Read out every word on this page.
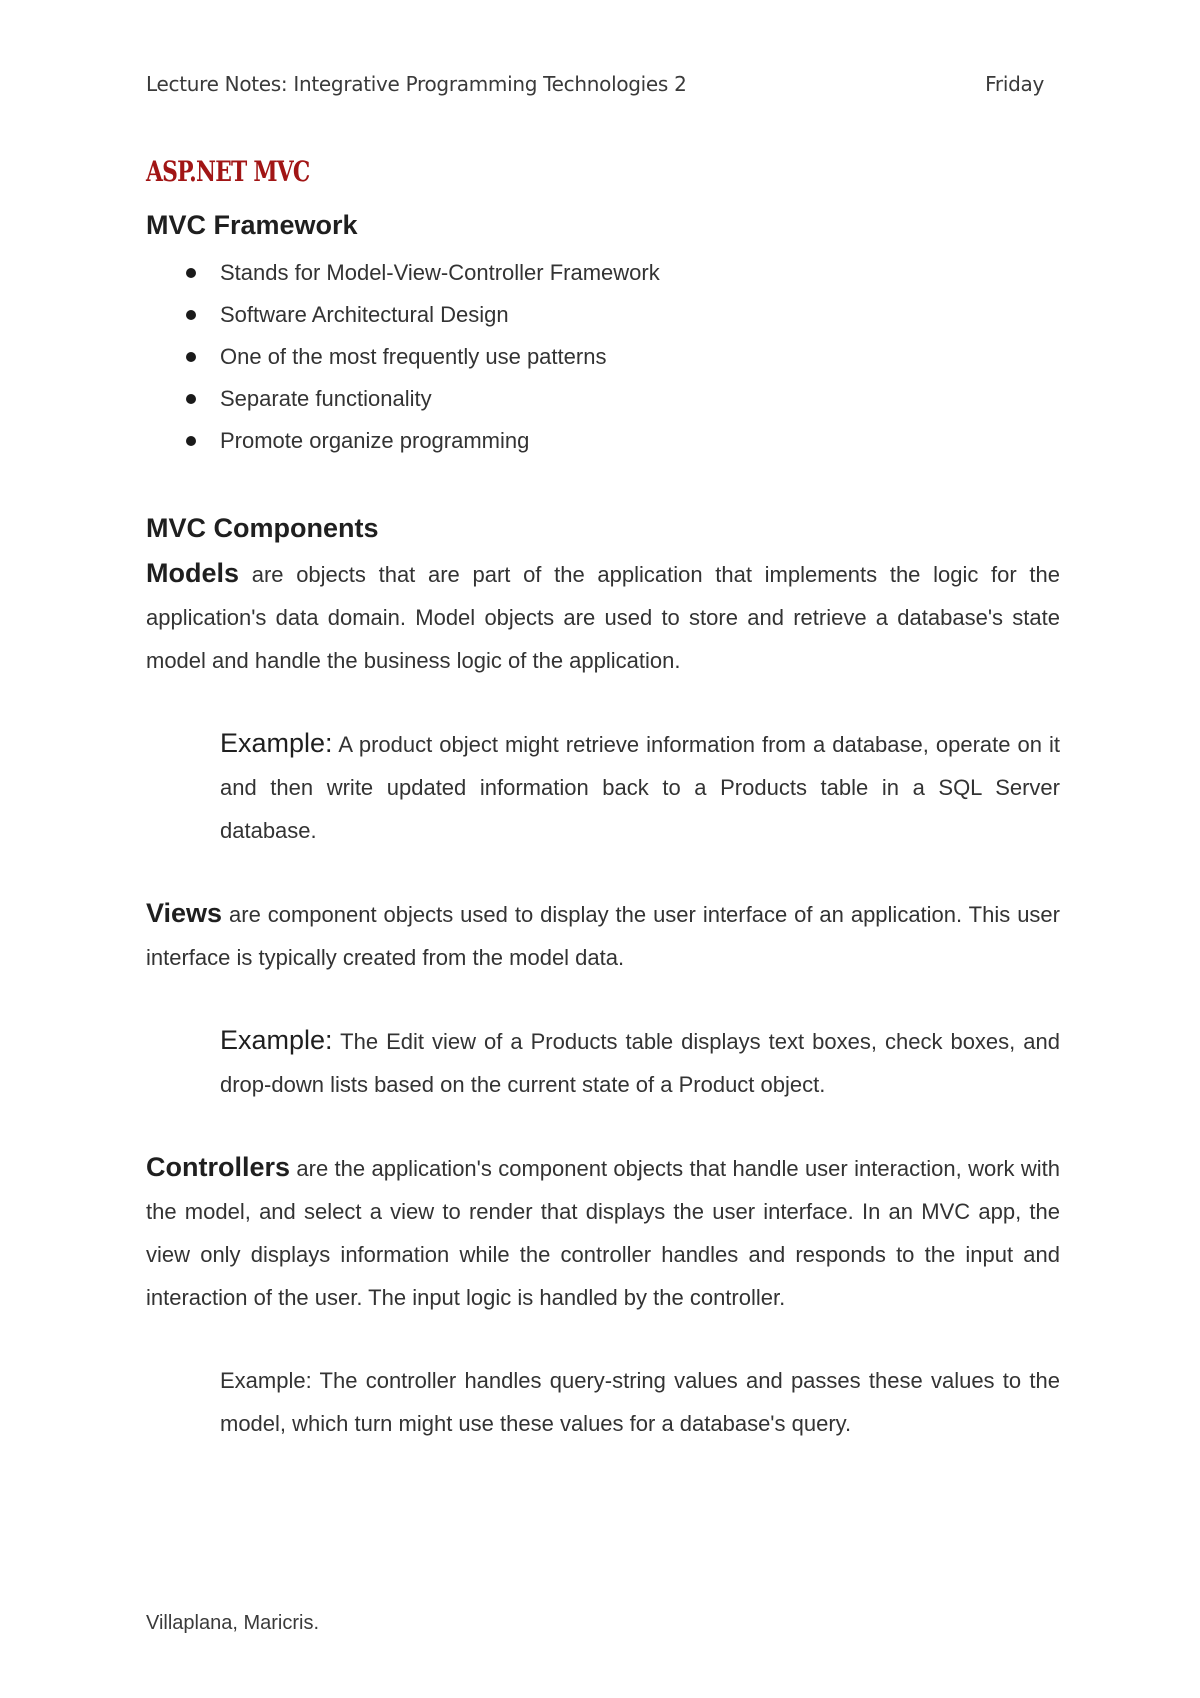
Lecture Notes: Integrative Programming Technologies 2	Friday
ASP.NET MVC
MVC Framework
Stands for Model-View-Controller Framework
Software Architectural Design
One of the most frequently use patterns
Separate functionality
Promote organize programming
MVC Components

Models are objects that are part of the application that implements the logic for the application's data domain. Model objects are used to store and retrieve a database's state model and handle the business logic of the application.

Example: A product object might retrieve information from a database, operate on it and then write updated information back to a Products table in a SQL Server database.

Views are component objects used to display the user interface of an application. This user interface is typically created from the model data.

Example: The Edit view of a Products table displays text boxes, check boxes, and drop-down lists based on the current state of a Product object.

Controllers are the application's component objects that handle user interaction, work with the model, and select a view to render that displays the user interface. In an MVC app, the view only displays information while the controller handles and responds to the input and interaction of the user. The input logic is handled by the controller.

Example: The controller handles query-string values and passes these values to the model, which turn might use these values for a database's query.

Villaplana, Maricris.
